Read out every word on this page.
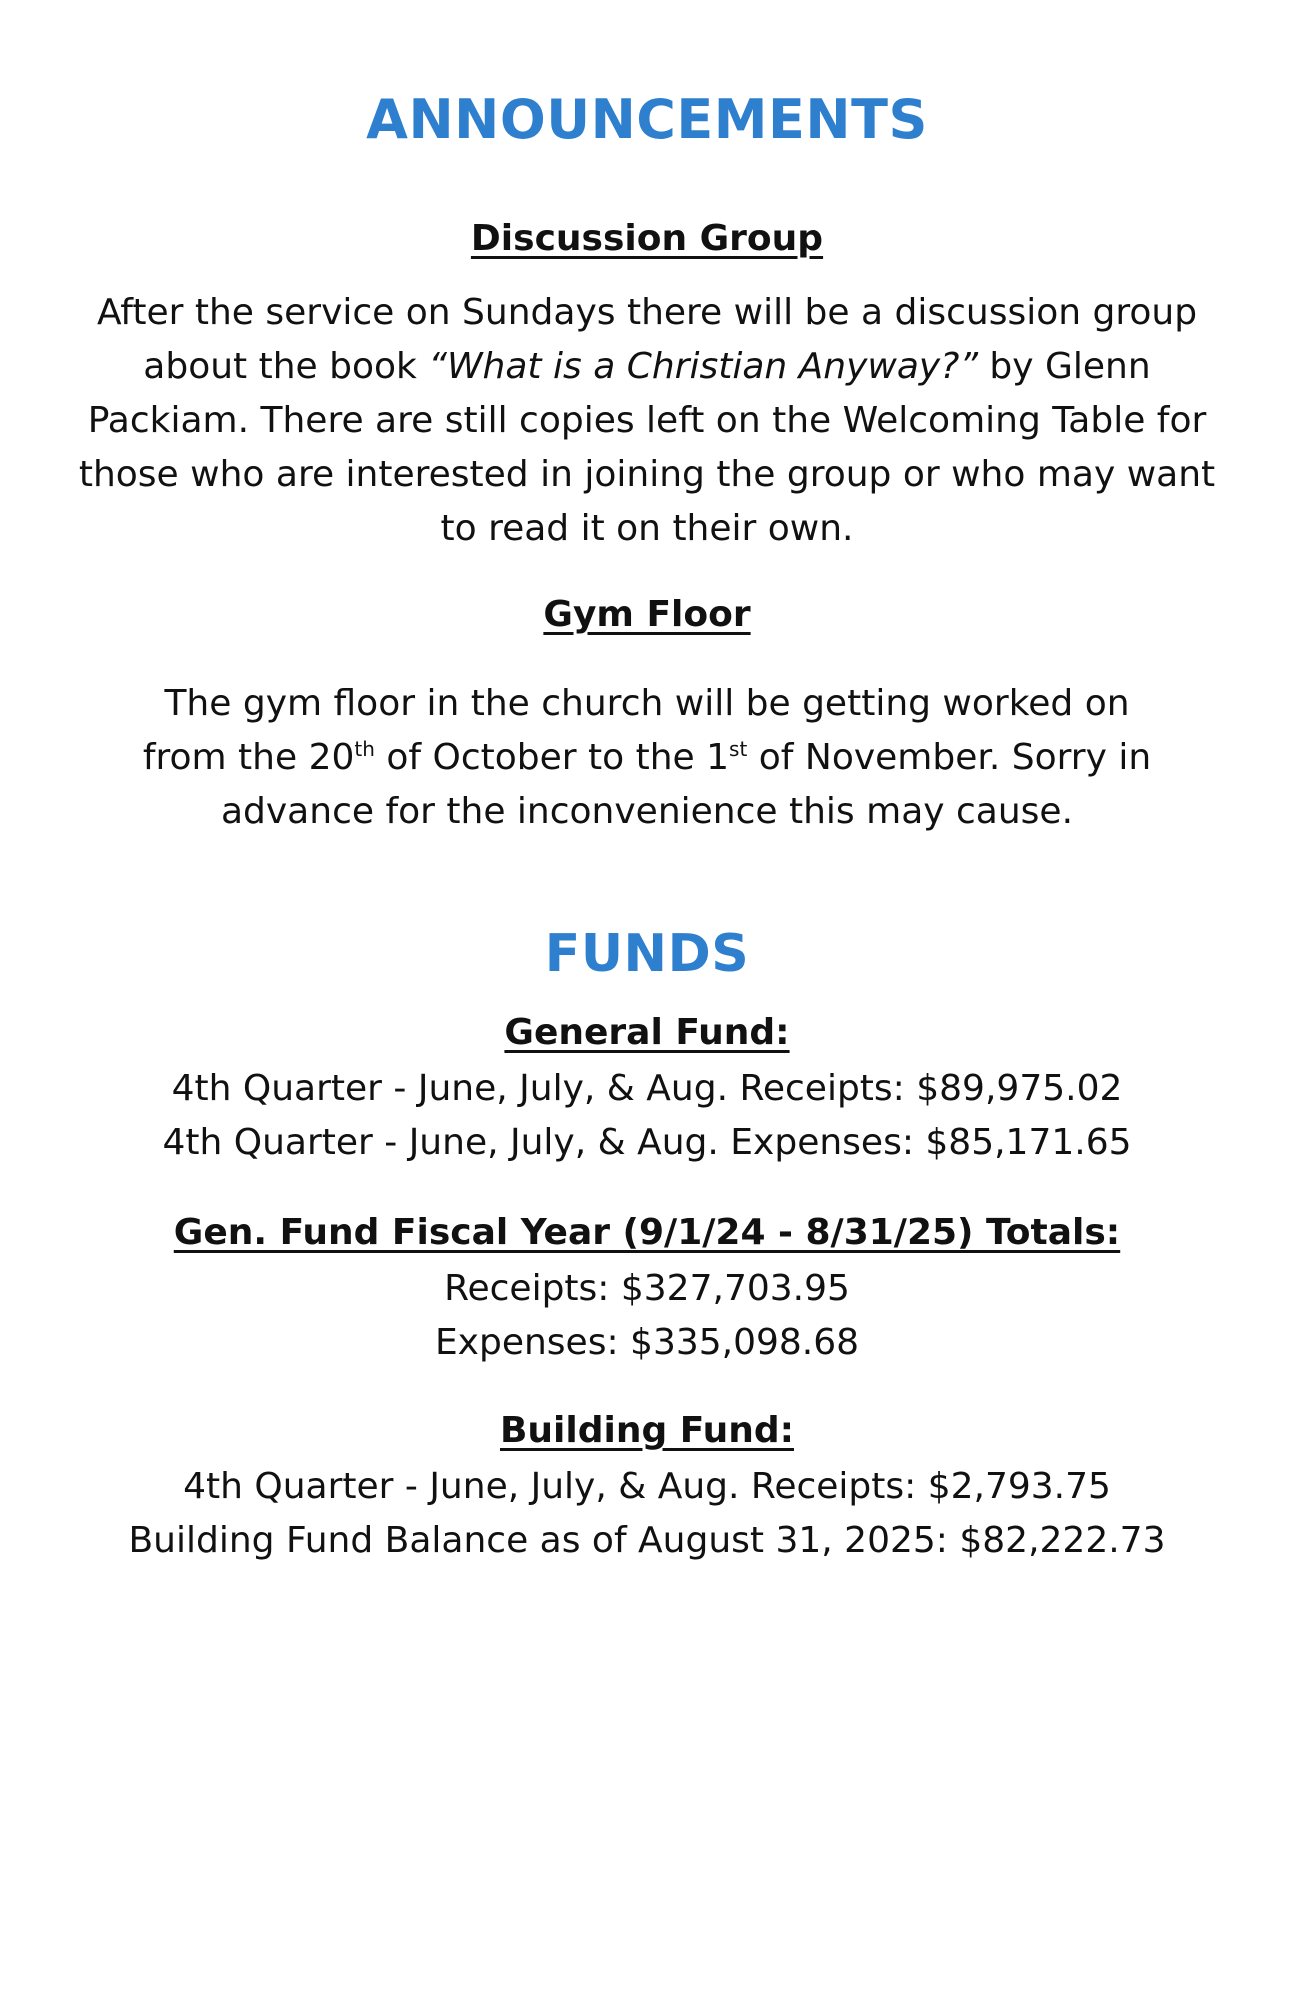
ANNOUNCEMENTS
Discussion Group

After the service on Sundays there will be a discussion group about the book “What is a Christian Anyway?” by Glenn Packiam. There are still copies left on the Welcoming Table for those who are interested in joining the group or who may want to read it on their own.

Gym Floor

The gym floor in the church will be getting worked on from the 20th of October to the 1st of November. Sorry in advance for the inconvenience this may cause.

FUNDS
General Fund:

4th Quarter - June, July, & Aug. Receipts: $89,975.02

4th Quarter - June, July, & Aug. Expenses: $85,171.65

Gen. Fund Fiscal Year (9/1/24 - 8/31/25) Totals:

Receipts: $327,703.95

Expenses: $335,098.68

Building Fund:

4th Quarter - June, July, & Aug. Receipts: $2,793.75

Building Fund Balance as of August 31, 2025: $82,222.73
